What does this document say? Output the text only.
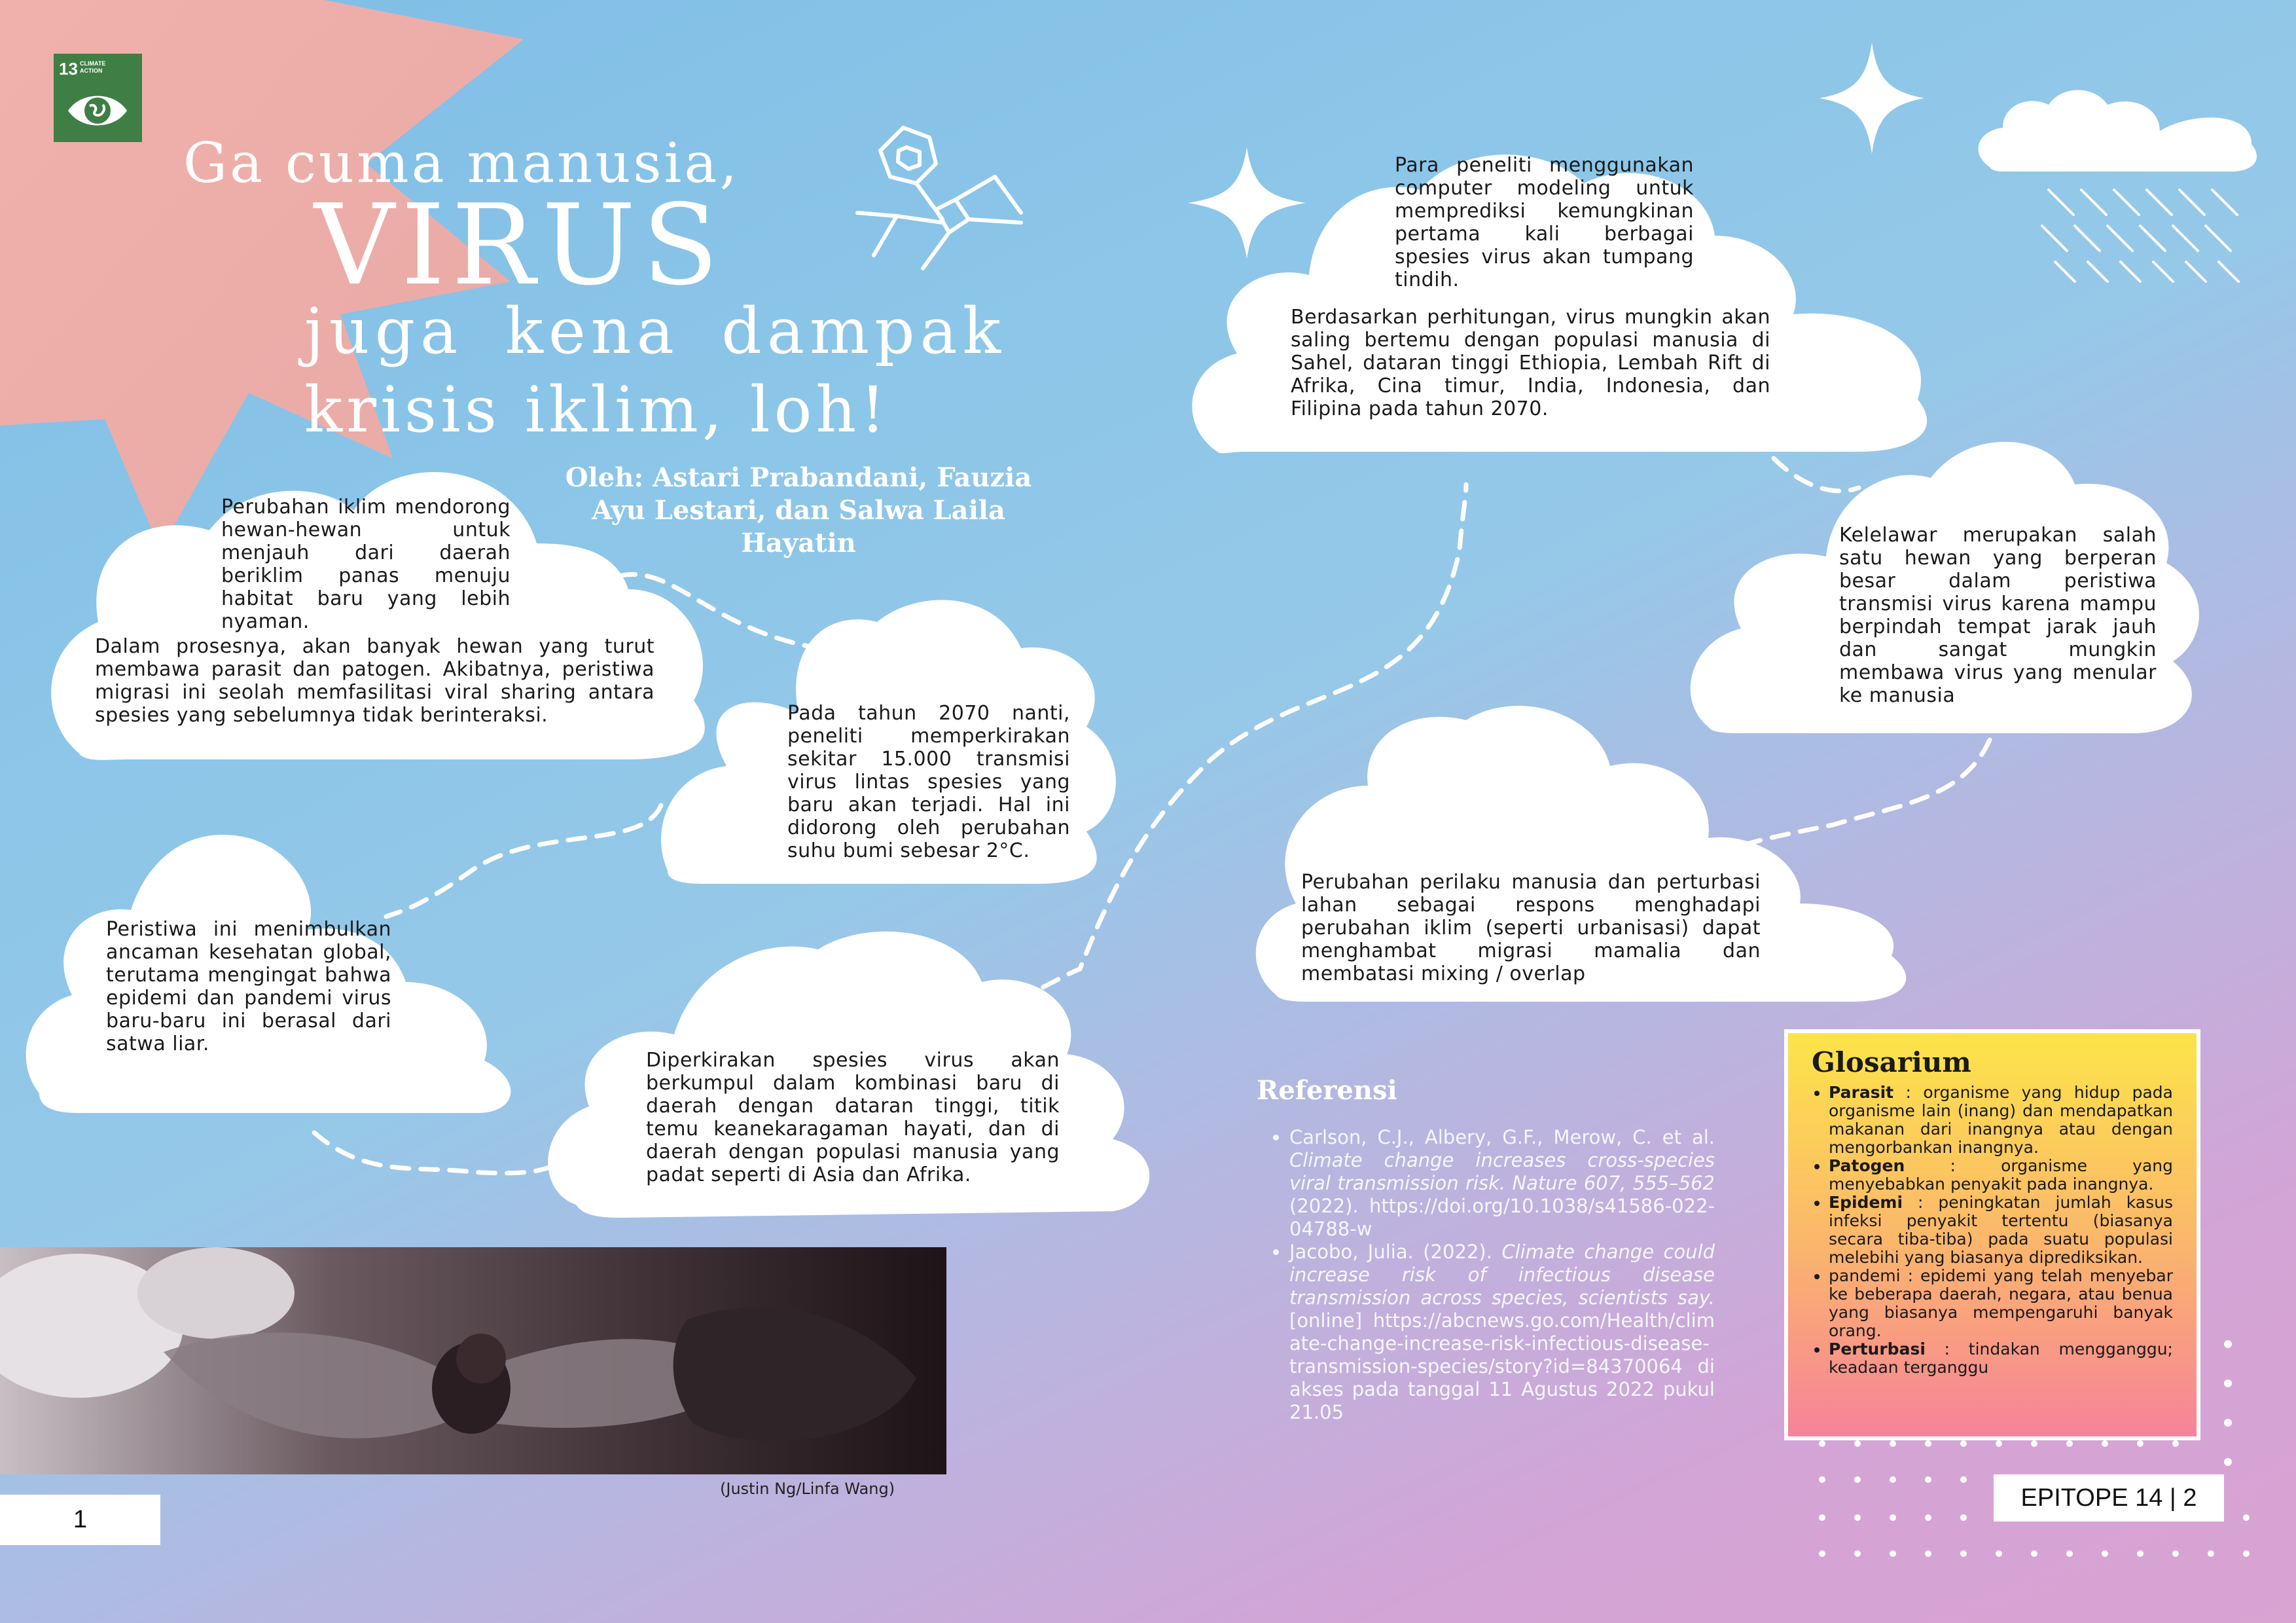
13 CLIMATE
ACTION
Ga cuma manusia,
VIRUS
juga kena dampak
krisis iklim, loh!
Oleh: Astari Prabandani, Fauzia Ayu Lestari, dan Salwa Laila Hayatin
Perubahan iklim mendorong hewan-hewan untuk menjauh dari daerah beriklim panas menuju habitat baru yang lebih nyaman.
Dalam prosesnya, akan banyak hewan yang turut membawa parasit dan patogen. Akibatnya, peristiwa migrasi ini seolah memfasilitasi viral sharing antara spesies yang sebelumnya tidak berinteraksi.	Pada tahun 2070 nanti, peneliti memperkirakan sekitar 15.000 transmisi virus lintas spesies yang baru akan terjadi. Hal ini didorong oleh perubahan suhu bumi sebesar 2°C.
Peristiwa ini menimbulkan ancaman kesehatan global, terutama mengingat bahwa epidemi dan pandemi virus baru-baru ini berasal dari satwa liar.
Diperkirakan spesies virus akan berkumpul dalam kombinasi baru di daerah dengan dataran tinggi, titik temu keanekaragaman hayati, dan di daerah dengan populasi manusia yang padat seperti di Asia dan Afrika.
Para peneliti menggunakan computer modeling untuk memprediksi kemungkinan pertama kali berbagai spesies virus akan tumpang tindih.
Berdasarkan perhitungan, virus mungkin akan saling bertemu dengan populasi manusia di Sahel, dataran tinggi Ethiopia, Lembah Rift di Afrika, Cina timur, India, Indonesia, dan Filipina pada tahun 2070.
Kelelawar merupakan salah satu hewan yang berperan besar dalam peristiwa transmisi virus karena mampu berpindah tempat jarak jauh dan sangat mungkin membawa virus yang menular ke manusia
Perubahan perilaku manusia dan perturbasi lahan sebagai respons menghadapi perubahan iklim (seperti urbanisasi) dapat menghambat migrasi mamalia dan membatasi mixing / overlap
(Justin Ng/Linfa Wang)
Referensi
• Carlson, C.J., Albery, G.F., Merow, C. et al. Climate change increases cross-species viral transmission risk. Nature 607, 555–562 (2022). https://doi.org/10.1038/s41586-022-04788-w
• Jacobo, Julia. (2022). Climate change could increase risk of infectious disease transmission across species, scientists say. [online] https://abcnews.go.com/Health/climate-change-increase-risk-infectious-disease-transmission-species/story?id=84370064 diakses pada tanggal 11 Agustus 2022 pukul 21.05
Glosarium
• Parasit : organisme yang hidup pada organisme lain (inang) dan mendapatkan makanan dari inangnya atau dengan mengorbankan inangnya.
• Patogen : organisme yang menyebabkan penyakit pada inangnya.
• Epidemi : peningkatan jumlah kasus infeksi penyakit tertentu (biasanya secara tiba-tiba) pada suatu populasi melebihi yang biasanya diprediksikan.
• pandemi : epidemi yang telah menyebar ke beberapa daerah, negara, atau benua yang biasanya mempengaruhi banyak orang.
• Perturbasi : tindakan mengganggu; keadaan terganggu
1
EPITOPE 14 | 2
